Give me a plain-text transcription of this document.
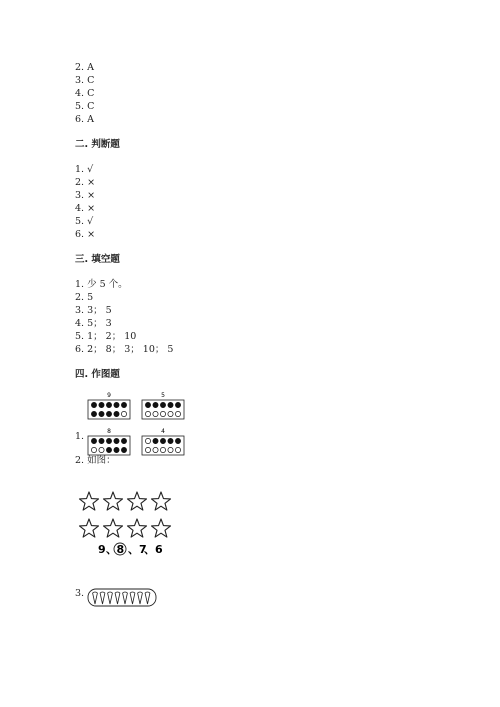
2. A
3. C
4. C
5. C
6. A
二. 判断题
1. √
2. ×
3. ×
4. ×
5. √
6. ×
三. 填空题
1. 少 5 个。
2. 5
3. 3； 5
4. 5； 3
5. 1； 2； 10
6. 2； 8； 3； 10； 5
四. 作图题
9	5
8	4
1.
2. 如图：
9 、 8 、7
、6
3.
